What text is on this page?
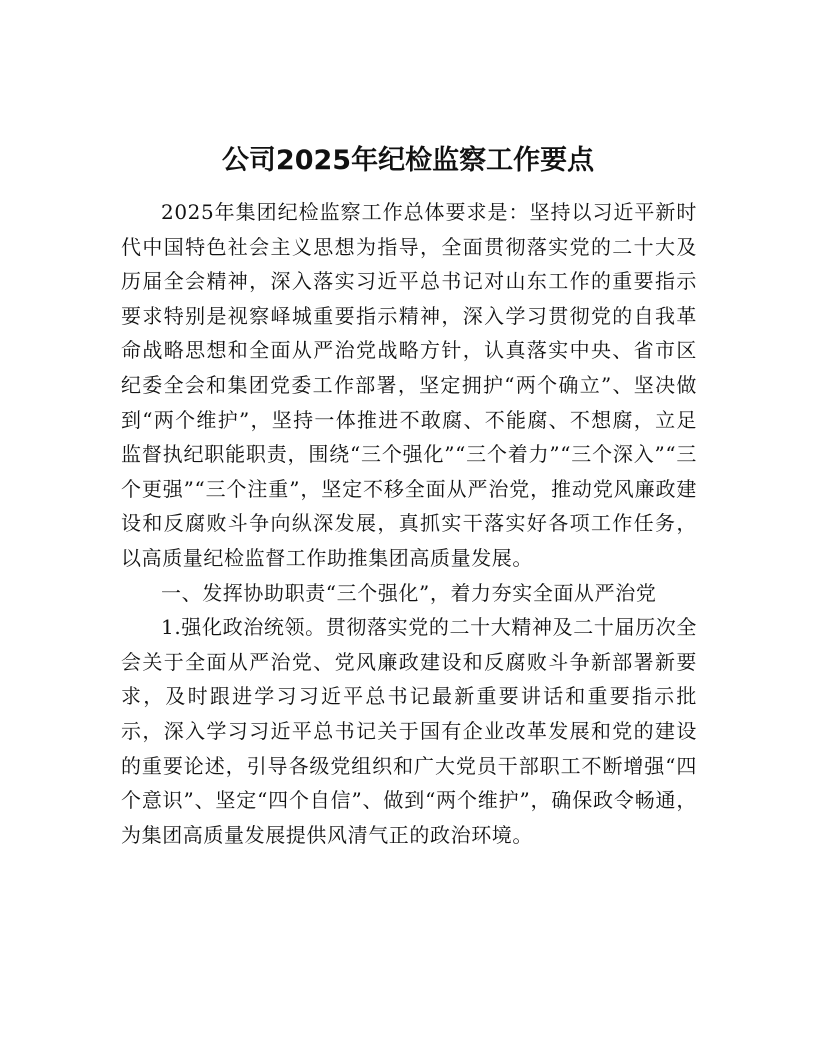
公司2025年纪检监察工作要点

2025年集团纪检监察工作总体要求是：坚持以习近平新时代中国特色社会主义思想为指导，全面贯彻落实党的二十大及历届全会精神，深入落实习近平总书记对山东工作的重要指示要求特别是视察峄城重要指示精神，深入学习贯彻党的自我革命战略思想和全面从严治党战略方针，认真落实中央、省市区纪委全会和集团党委工作部署，坚定拥护“两个确立”、坚决做到“两个维护”，坚持一体推进不敢腐、不能腐、不想腐，立足监督执纪职能职责，围绕“三个强化”“三个着力”“三个深入”“三个更强”“三个注重”，坚定不移全面从严治党，推动党风廉政建设和反腐败斗争向纵深发展，真抓实干落实好各项工作任务，以高质量纪检监督工作助推集团高质量发展。

一、发挥协助职责“三个强化”，着力夯实全面从严治党

1.强化政治统领。贯彻落实党的二十大精神及二十届历次全会关于全面从严治党、党风廉政建设和反腐败斗争新部署新要求，及时跟进学习习近平总书记最新重要讲话和重要指示批示，深入学习习近平总书记关于国有企业改革发展和党的建设的重要论述，引导各级党组织和广大党员干部职工不断增强“四个意识”、坚定“四个自信”、做到“两个维护”，确保政令畅通，为集团高质量发展提供风清气正的政治环境。
